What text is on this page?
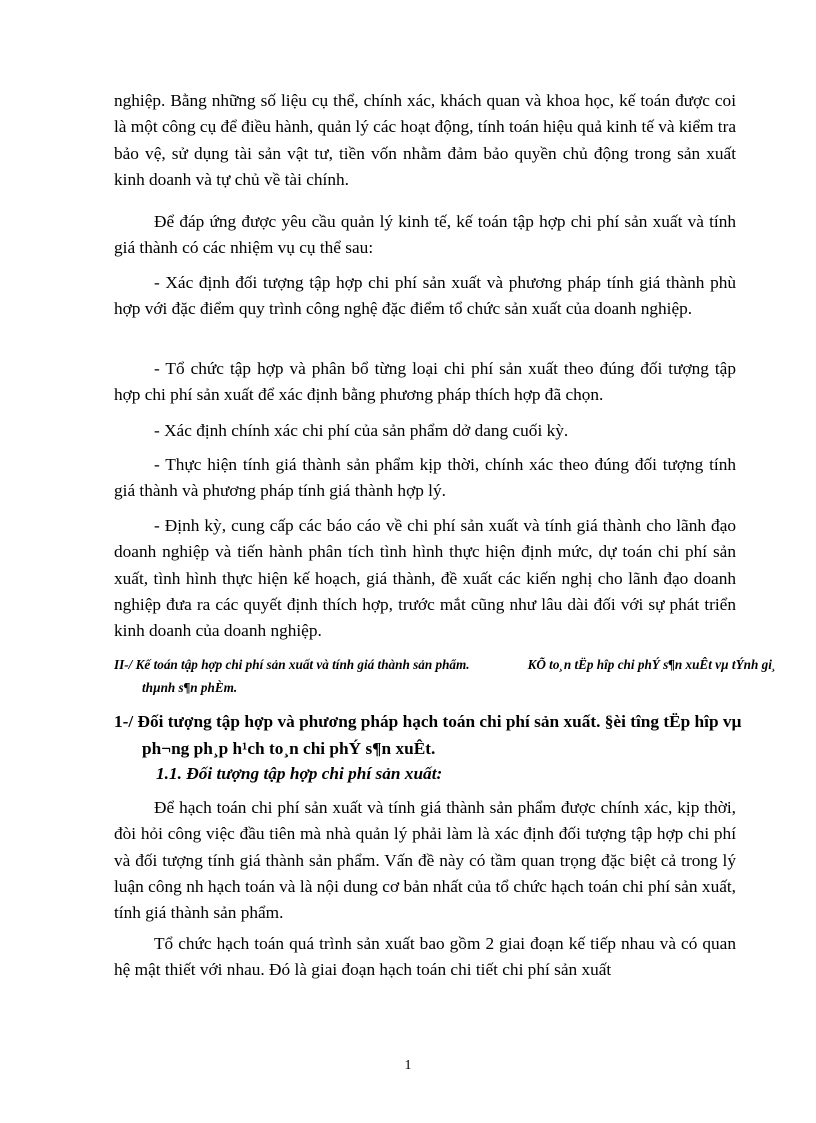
nghiệp. Bằng những số liệu cụ thể, chính xác, khách quan và khoa học, kế toán được coi là một công cụ để điều hành, quản lý các hoạt động, tính toán hiệu quả kinh tế và kiểm tra bảo vệ, sử dụng tài sản vật tư, tiền vốn nhằm đảm bảo quyền chủ động trong sản xuất kinh doanh và tự chủ về tài chính.

Để đáp ứng được yêu cầu quản lý kinh tế, kế toán tập hợp chi phí sản xuất và tính giá thành có các nhiệm vụ cụ thể sau:

- Xác định đối tượng tập hợp chi phí sản xuất và phương pháp tính giá thành phù hợp với đặc điểm quy trình công nghệ đặc điểm tổ chức sản xuất của doanh nghiệp.

- Tổ chức tập hợp và phân bổ từng loại chi phí sản xuất theo đúng đối tượng tập hợp chi phí sản xuất để xác định bằng phương pháp thích hợp đã chọn.

- Xác định chính xác chi phí của sản phẩm dở dang cuối kỳ.

- Thực hiện tính giá thành sản phẩm kịp thời, chính xác theo đúng đối tượng tính giá thành và phương pháp tính giá thành hợp lý.

- Định kỳ, cung cấp các báo cáo về chi phí sản xuất và tính giá thành cho lãnh đạo doanh nghiệp và tiến hành phân tích tình hình thực hiện định mức, dự toán chi phí sản xuất, tình hình thực hiện kế hoạch, giá thành, đề xuất các kiến nghị cho lãnh đạo doanh nghiệp đưa ra các quyết định thích hợp, trước mắt cũng như lâu dài đối với sự phát triển kinh doanh của doanh nghiệp.

II-/ Kế toán tập hợp chi phí sản xuất và tính giá thành sản phẩm.	KÕ to¸n tËp hîp chi phÝ s¶n xuÊt vµ tÝnh gi¸ thµnh s¶n phÈm.
1-/ Đối tượng tập hợp và phương pháp hạch toán chi phí sản xuất. §èi tîng tËp hîp vµ ph¬ng ph¸p h¹ch to¸n chi phÝ s¶n xuÊt.
1.1. Đối tượng tập hợp chi phí sản xuất:

Để hạch toán chi phí sản xuất và tính giá thành sản phẩm được chính xác, kịp thời, đòi hỏi công việc đầu tiên mà nhà quản lý phải làm là xác định đối tượng tập hợp chi phí và đối tượng tính giá thành sản phẩm. Vấn đề này có tầm quan trọng đặc biệt cả trong lý luận công nh hạch toán và là nội dung cơ bản nhất của tổ chức hạch toán chi phí sản xuất, tính giá thành sản phẩm.

Tổ chức hạch toán quá trình sản xuất bao gồm 2 giai đoạn kế tiếp nhau và có quan hệ mật thiết với nhau. Đó là giai đoạn hạch toán chi tiết chi phí sản xuất

1
